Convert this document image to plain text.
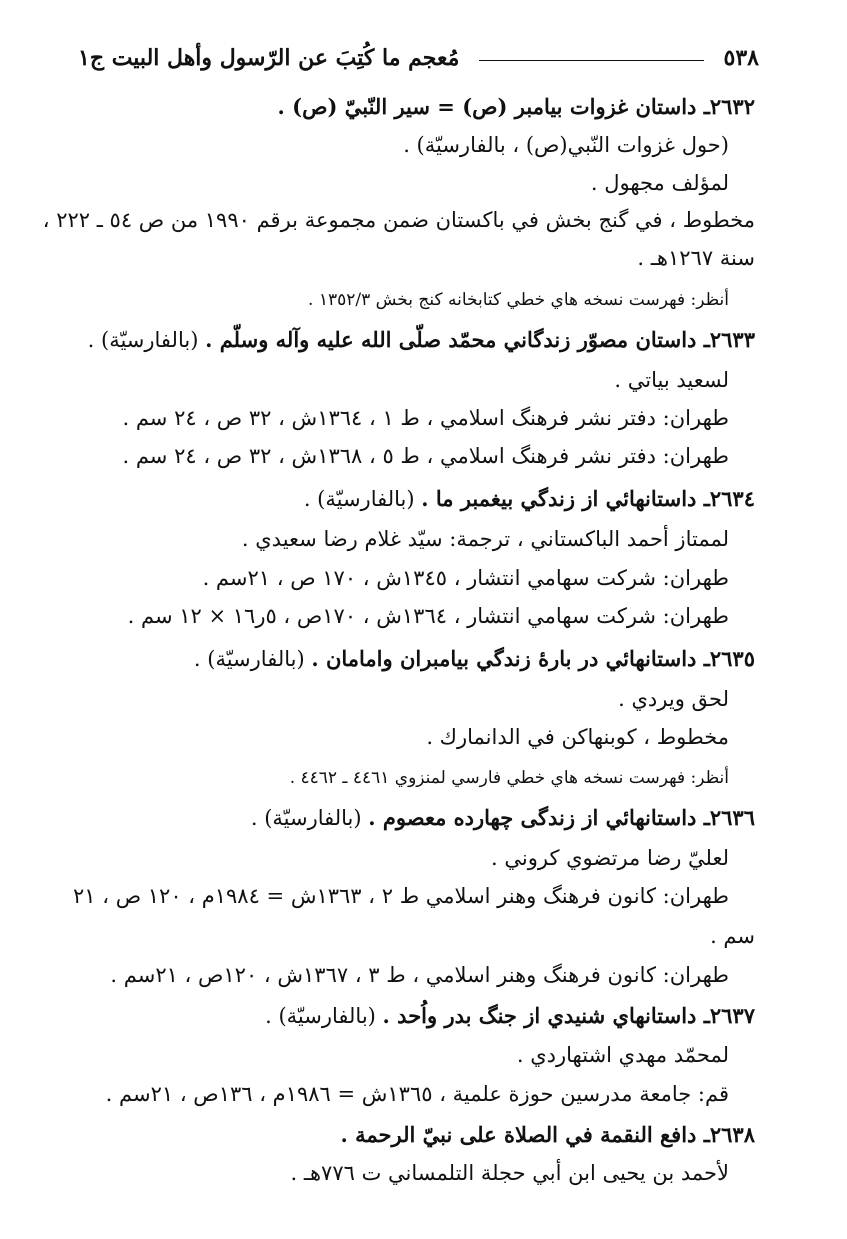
٥٣٨
مُعجم ما كُتِبَ عن الرّسول وأهل البيت ج١
٢٦٣٢ـ داستان غزوات بيامبر (ص) = سير النّبيّ (ص) .
(حول غزوات النّبي(ص) ، بالفارسيّة) .
لمؤلف مجهول .
مخطوط ، في گنج بخش في باكستان ضمن مجموعة برقم ١٩٩٠ من ص ٥٤ ـ ٢٢٢ ،
سنة ١٢٦٧هـ .
أنظر: فهرست نسخه هاي خطي كتابخانه كنج بخش ١٣٥٢/٣ .
٢٦٣٣ـ داستان مصوّر زندگاني محمّد صلّى الله عليه وآله وسلّم . (بالفارسيّة) .
لسعيد بياتي .
طهران: دفتر نشر فرهنگ اسلامي ، ط ١ ، ١٣٦٤ش ، ٣٢ ص ، ٢٤ سم .
طهران: دفتر نشر فرهنگ اسلامي ، ط ٥ ، ١٣٦٨ش ، ٣٢ ص ، ٢٤ سم .
٢٦٣٤ـ داستانهائي از زندگي بيغمبر ما . (بالفارسيّة) .
لممتاز أحمد الباكستاني ، ترجمة: سيّد غلام رضا سعيدي .
طهران: شركت سهامي انتشار ، ١٣٤٥ش ، ١٧٠ ص ، ٢١سم .
طهران: شركت سهامي انتشار ، ١٣٦٤ش ، ١٧٠ص ، ٥ر١٦ × ١٢ سم .
٢٦٣٥ـ داستانهائي در بارهٔ زندگي بيامبران وامامان . (بالفارسيّة) .
لحق ويردي .
مخطوط ، كوبنهاكن في الدانمارك .
أنظر: فهرست نسخه هاي خطي فارسي لمنزوي ٤٤٦١ ـ ٤٤٦٢ .
٢٦٣٦ـ داستانهائي از زندگى چهارده معصوم . (بالفارسيّة) .
لعليّ رضا مرتضوي كروني .
طهران: كانون فرهنگ وهنر اسلامي ط ٢ ، ١٣٦٣ش = ١٩٨٤م ، ١٢٠ ص ، ٢١
سم .
طهران: كانون فرهنگ وهنر اسلامي ، ط ٣ ، ١٣٦٧ش ، ١٢٠ص ، ٢١سم .
٢٦٣٧ـ داستانهاي شنيدي از جنگ بدر واُحد . (بالفارسيّة) .
لمحمّد مهدي اشتهاردي .
قم: جامعة مدرسين حوزة علمية ، ١٣٦٥ش = ١٩٨٦م ، ١٣٦ص ، ٢١سم .
٢٦٣٨ـ دافع النقمة في الصلاة على نبيّ الرحمة .
لأحمد بن يحيى ابن أبي حجلة التلمساني ت ٧٧٦هـ .
